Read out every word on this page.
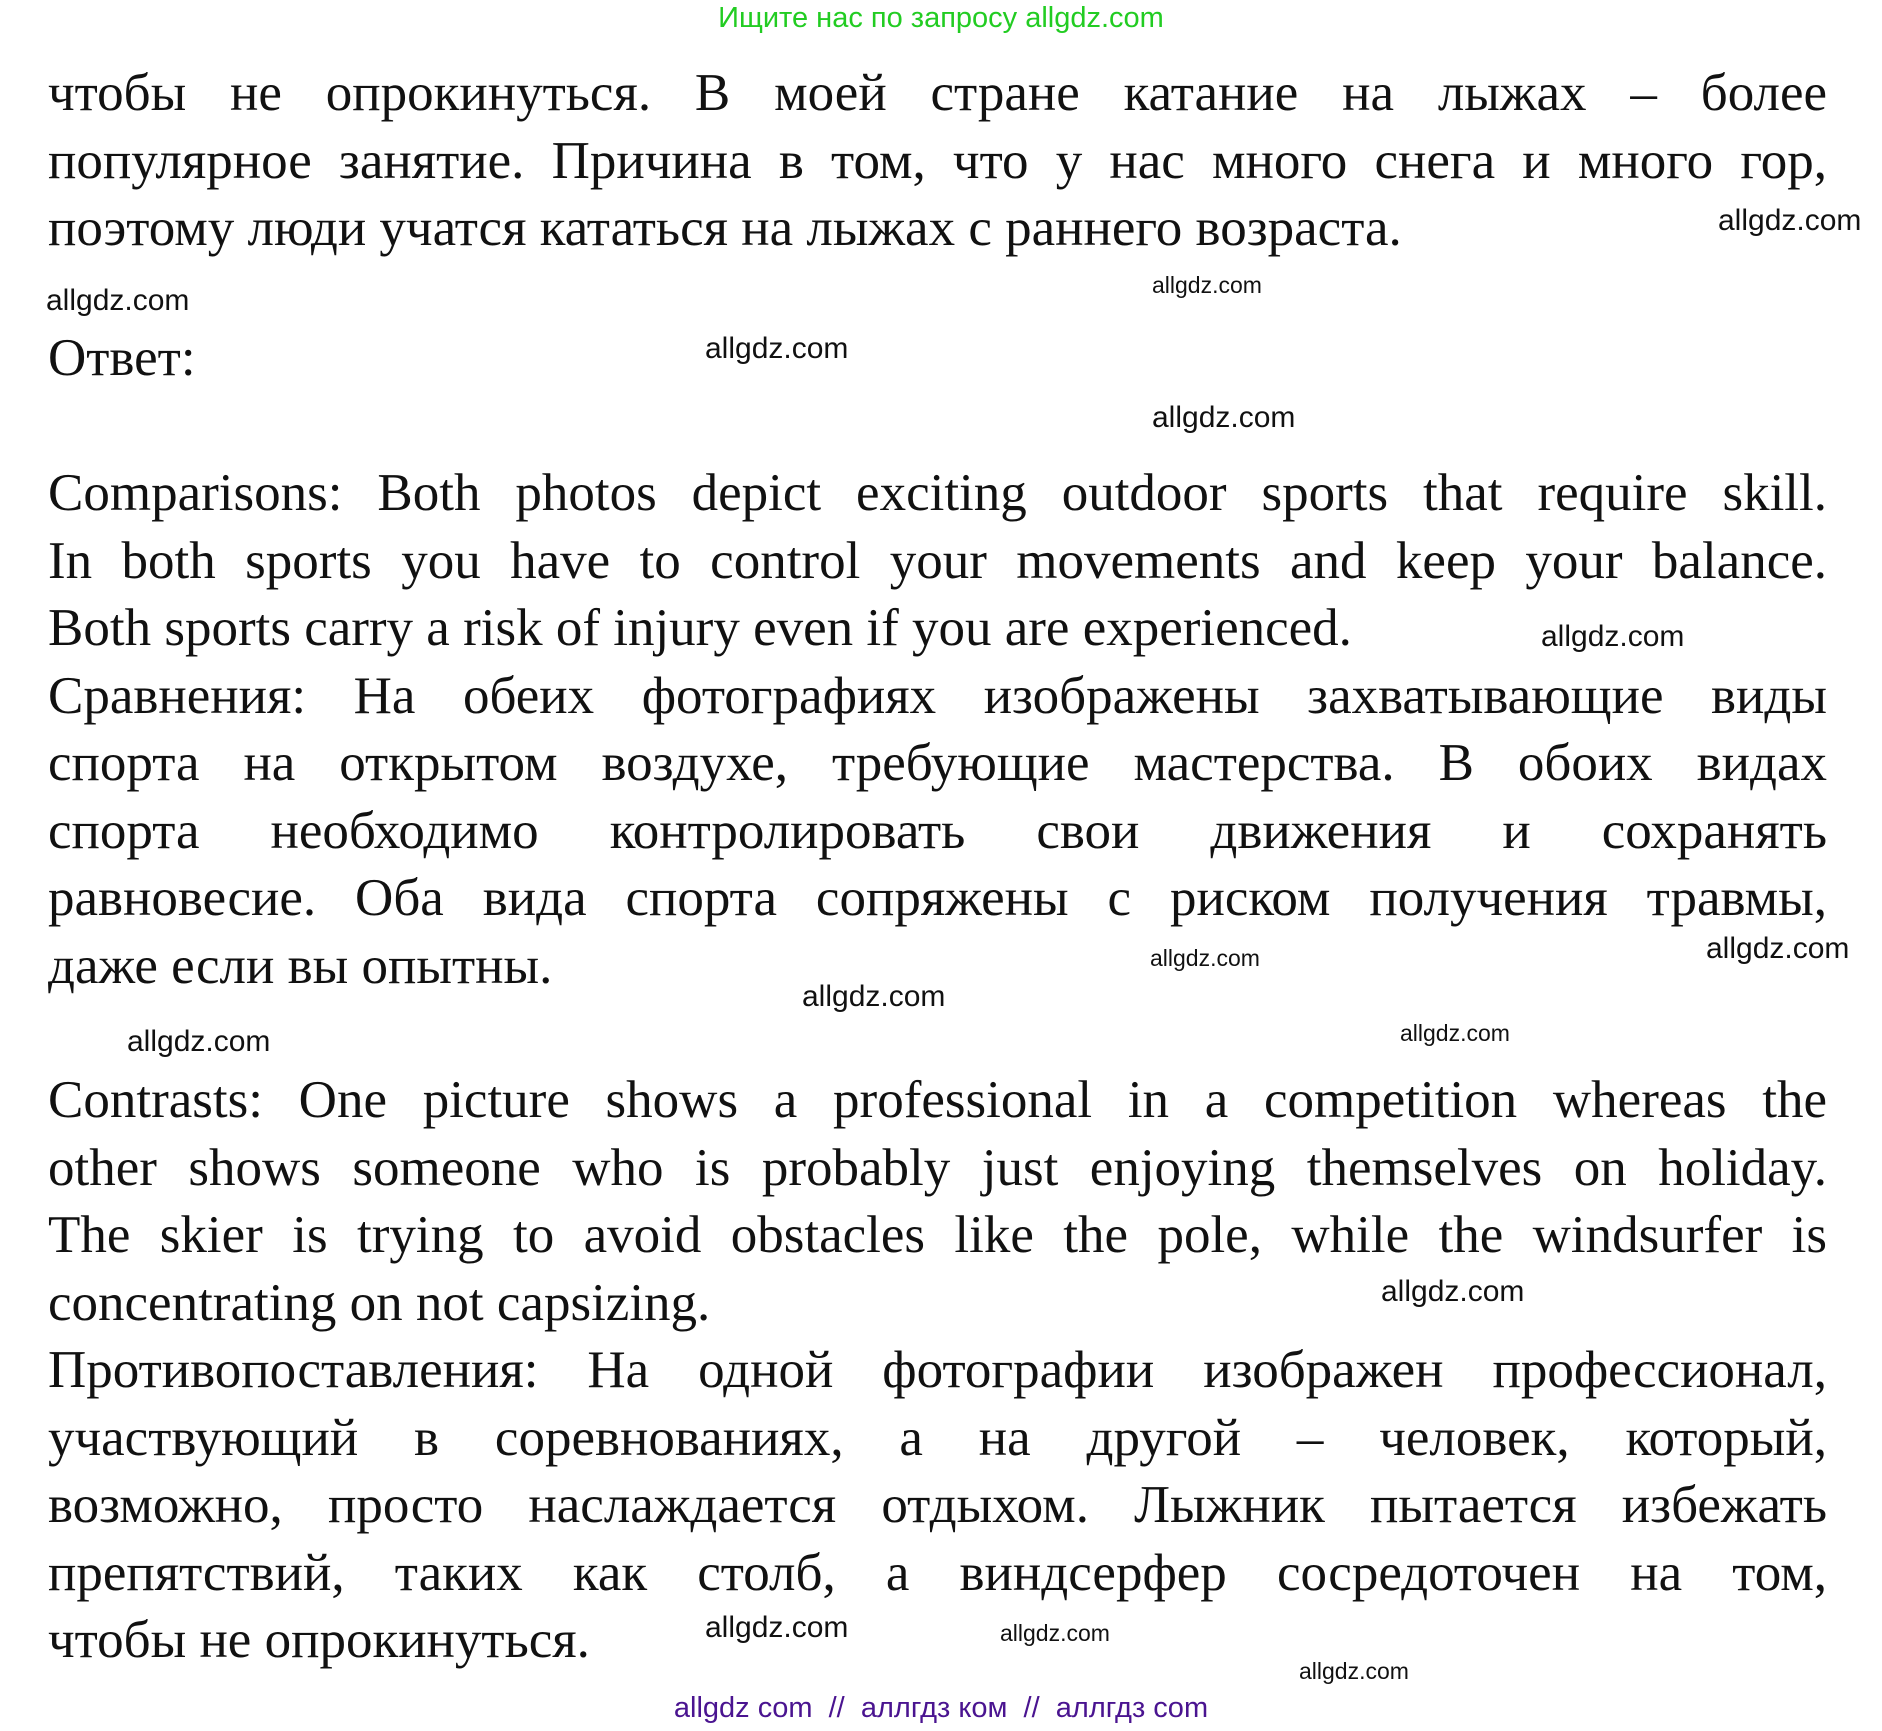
Ищите нас по запросу allgdz.com
чтобы не опрокинуться. В моей стране катание на лыжах – более
популярное занятие. Причина в том, что у нас много снега и много гор,
поэтому люди учатся кататься на лыжах с раннего возраста.
Ответ:
Comparisons: Both photos depict exciting outdoor sports that require skill.
In both sports you have to control your movements and keep your balance.
Both sports carry a risk of injury even if you are experienced.
Сравнения: На обеих фотографиях изображены захватывающие виды
спорта на открытом воздухе, требующие мастерства. В обоих видах
спорта необходимо контролировать свои движения и сохранять
равновесие. Оба вида спорта сопряжены с риском получения травмы,
даже если вы опытны.
Contrasts: One picture shows a professional in a competition whereas the
other shows someone who is probably just enjoying themselves on holiday.
The skier is trying to avoid obstacles like the pole, while the windsurfer is
concentrating on not capsizing.
Противопоставления: На одной фотографии изображен профессионал,
участвующий в соревнованиях, а на другой – человек, который,
возможно, просто наслаждается отдыхом. Лыжник пытается избежать
препятствий, таких как столб, а виндсерфер сосредоточен на том,
чтобы не опрокинуться.
allgdz.com
allgdz.com
allgdz.com
allgdz.com
allgdz.com
allgdz.com
allgdz.com
allgdz.com
allgdz.com
allgdz.com
allgdz.com
allgdz.com
allgdz.com
allgdz.com
allgdz.com
allgdz com  //  аллгдз ком  //  аллгдз com
